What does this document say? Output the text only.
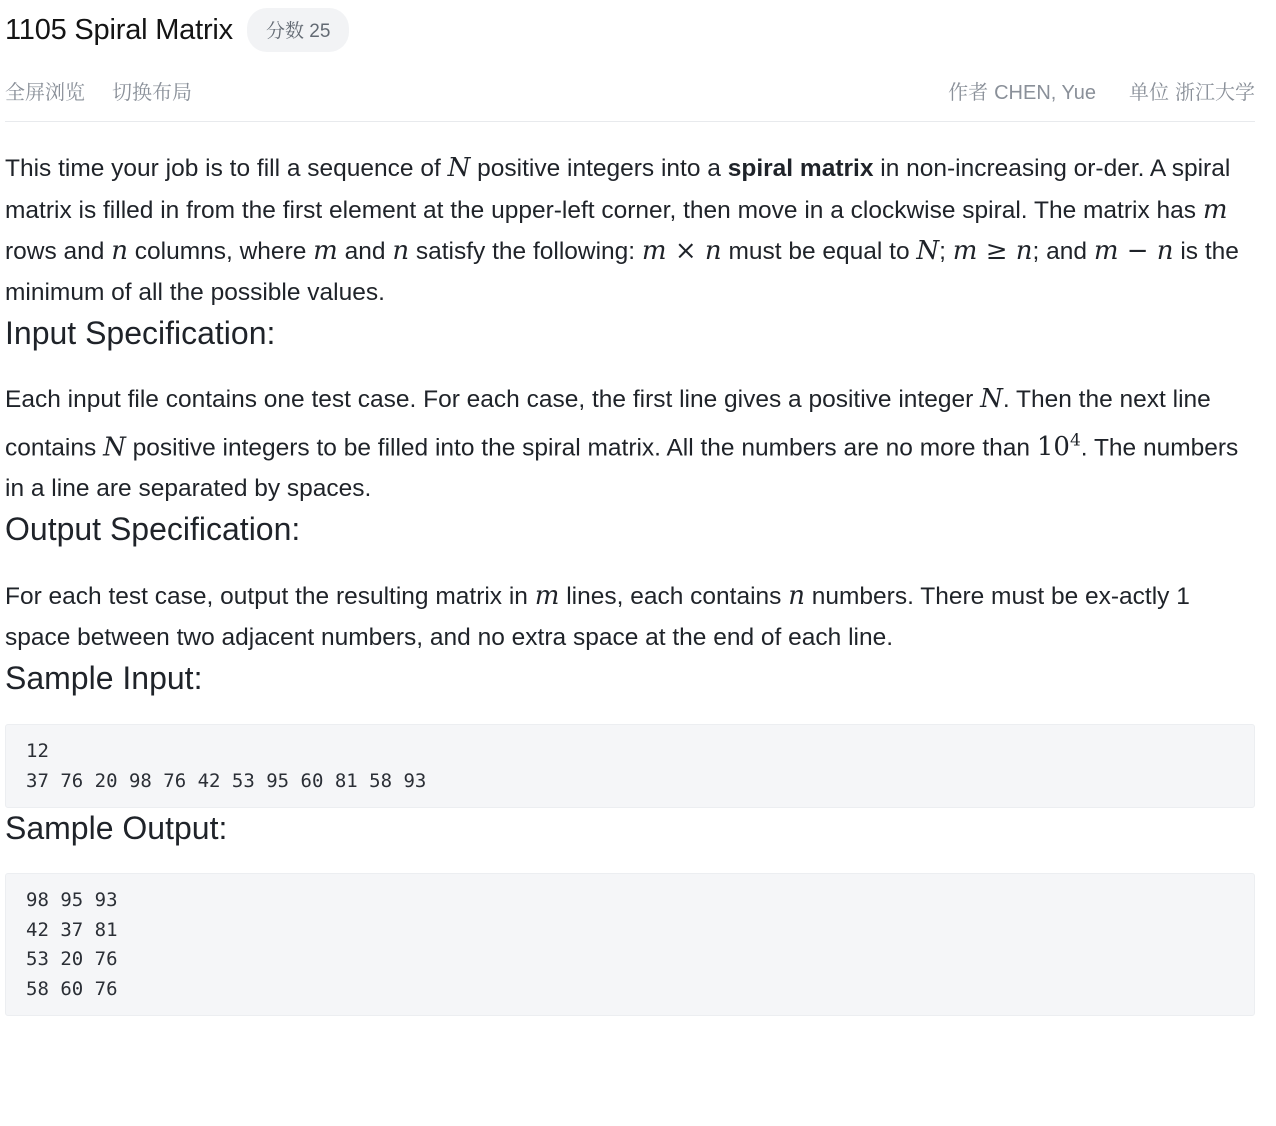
1105 Spiral Matrix	分数 25
全屏浏览 切换布局	作者 CHEN, Yue 单位 浙江大学

This time your job is to fill a sequence of N positive integers into a spiral matrix in non-increasing or-der. A spiral matrix is filled in from the first element at the upper-left corner, then move in a clockwise spiral. The matrix has m rows and n columns, where m and n satisfy the following: m × n must be equal to N; m ≥ n; and m − n is the minimum of all the possible values.

Input Specification:

Each input file contains one test case. For each case, the first line gives a positive integer N. Then the next line contains N positive integers to be filled into the spiral matrix. All the numbers are no more than $10^4$. The numbers in a line are separated by spaces.

Output Specification:

For each test case, output the resulting matrix in m lines, each contains n numbers. There must be ex-actly 1 space between two adjacent numbers, and no extra space at the end of each line.

Sample Input:
12
37 76 20 98 76 42 53 95 60 81 58 93
Sample Output:
98 95 93
42 37 81
53 20 76
58 60 76
